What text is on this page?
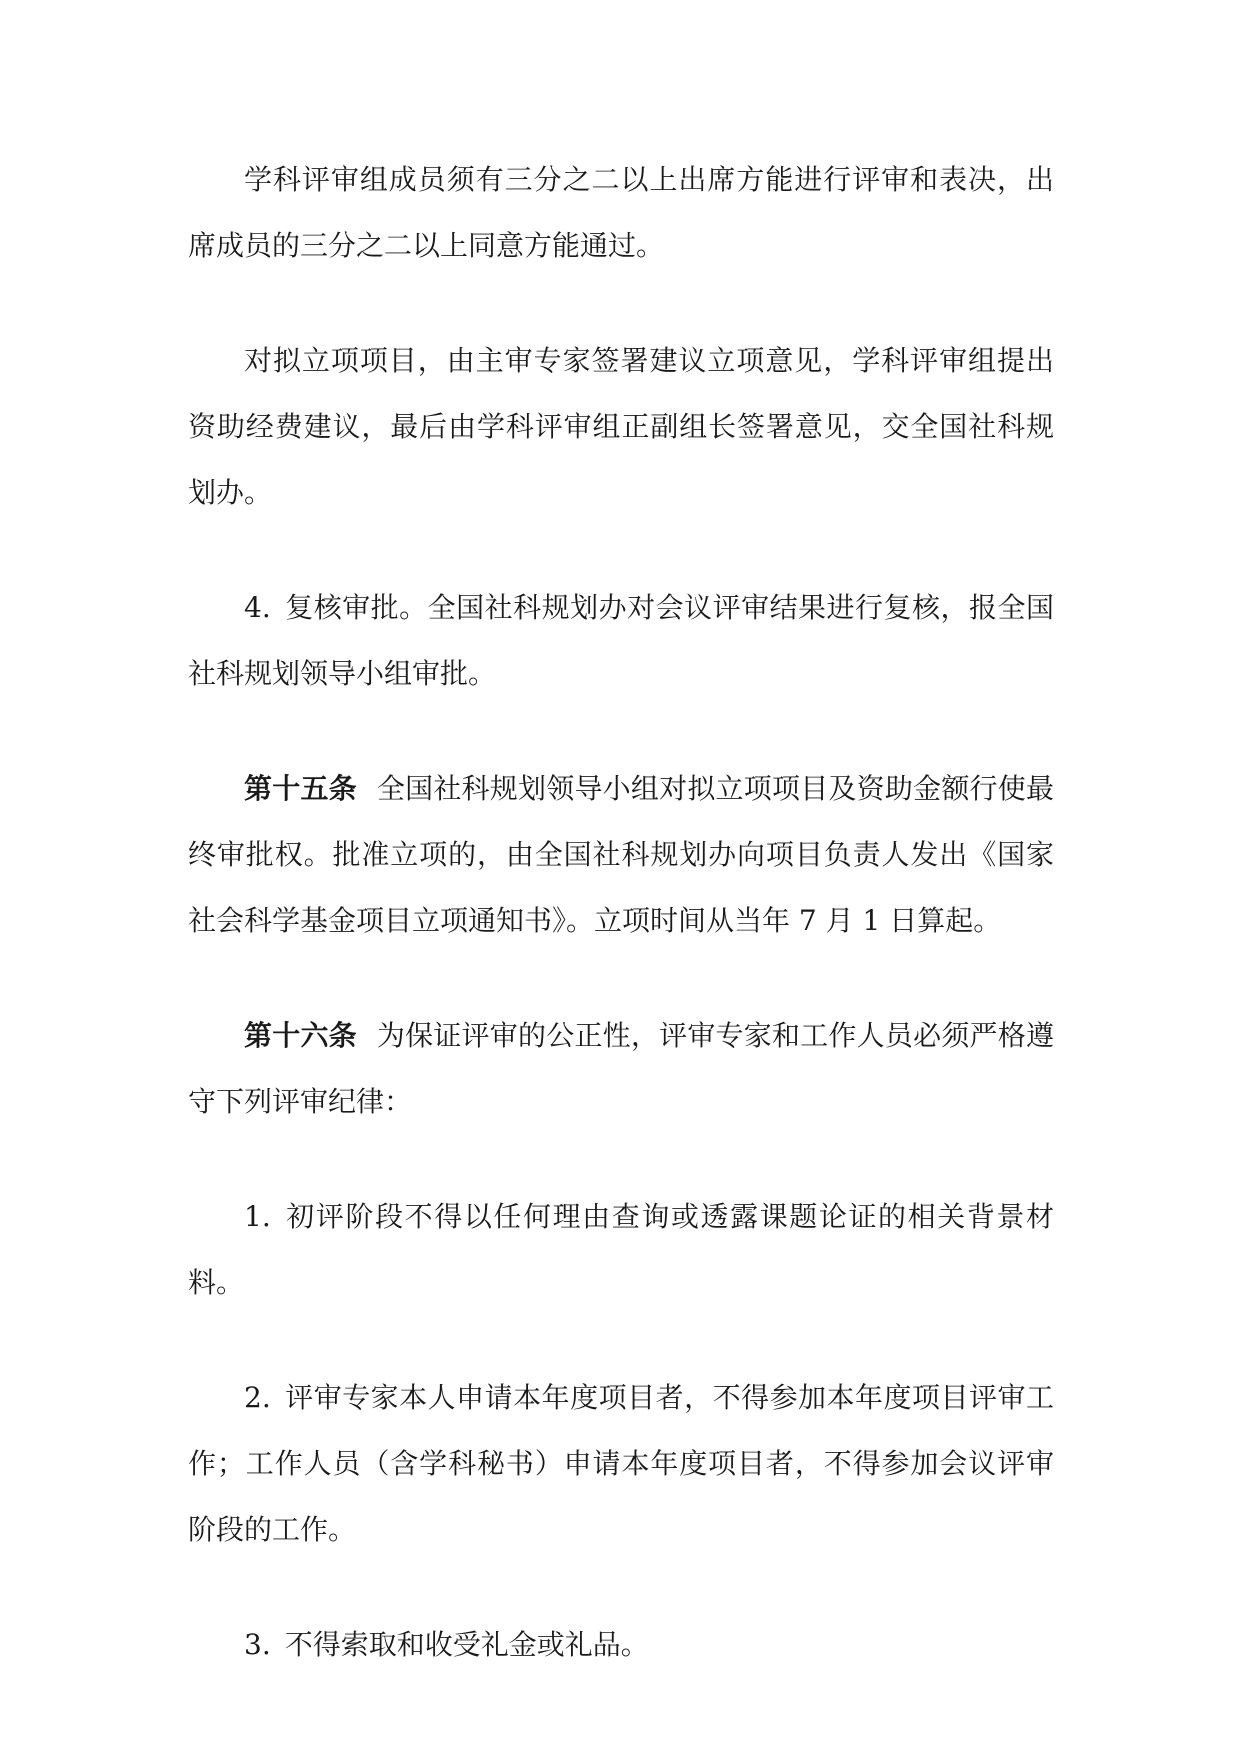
学科评审组成员须有三分之二以上出席方能进行评审和表决，出席成员的三分之二以上同意方能通过。

对拟立项项目，由主审专家签署建议立项意见，学科评审组提出资助经费建议，最后由学科评审组正副组长签署意见，交全国社科规划办。

4. 复核审批。全国社科规划办对会议评审结果进行复核，报全国社科规划领导小组审批。

第十五条 全国社科规划领导小组对拟立项项目及资助金额行使最终审批权。批准立项的，由全国社科规划办向项目负责人发出《国家社会科学基金项目立项通知书》。立项时间从当年 7 月 1 日算起。

第十六条 为保证评审的公正性，评审专家和工作人员必须严格遵守下列评审纪律：

1. 初评阶段不得以任何理由查询或透露课题论证的相关背景材料。

2. 评审专家本人申请本年度项目者，不得参加本年度项目评审工作；工作人员（含学科秘书）申请本年度项目者，不得参加会议评审阶段的工作。

3. 不得索取和收受礼金或礼品。
